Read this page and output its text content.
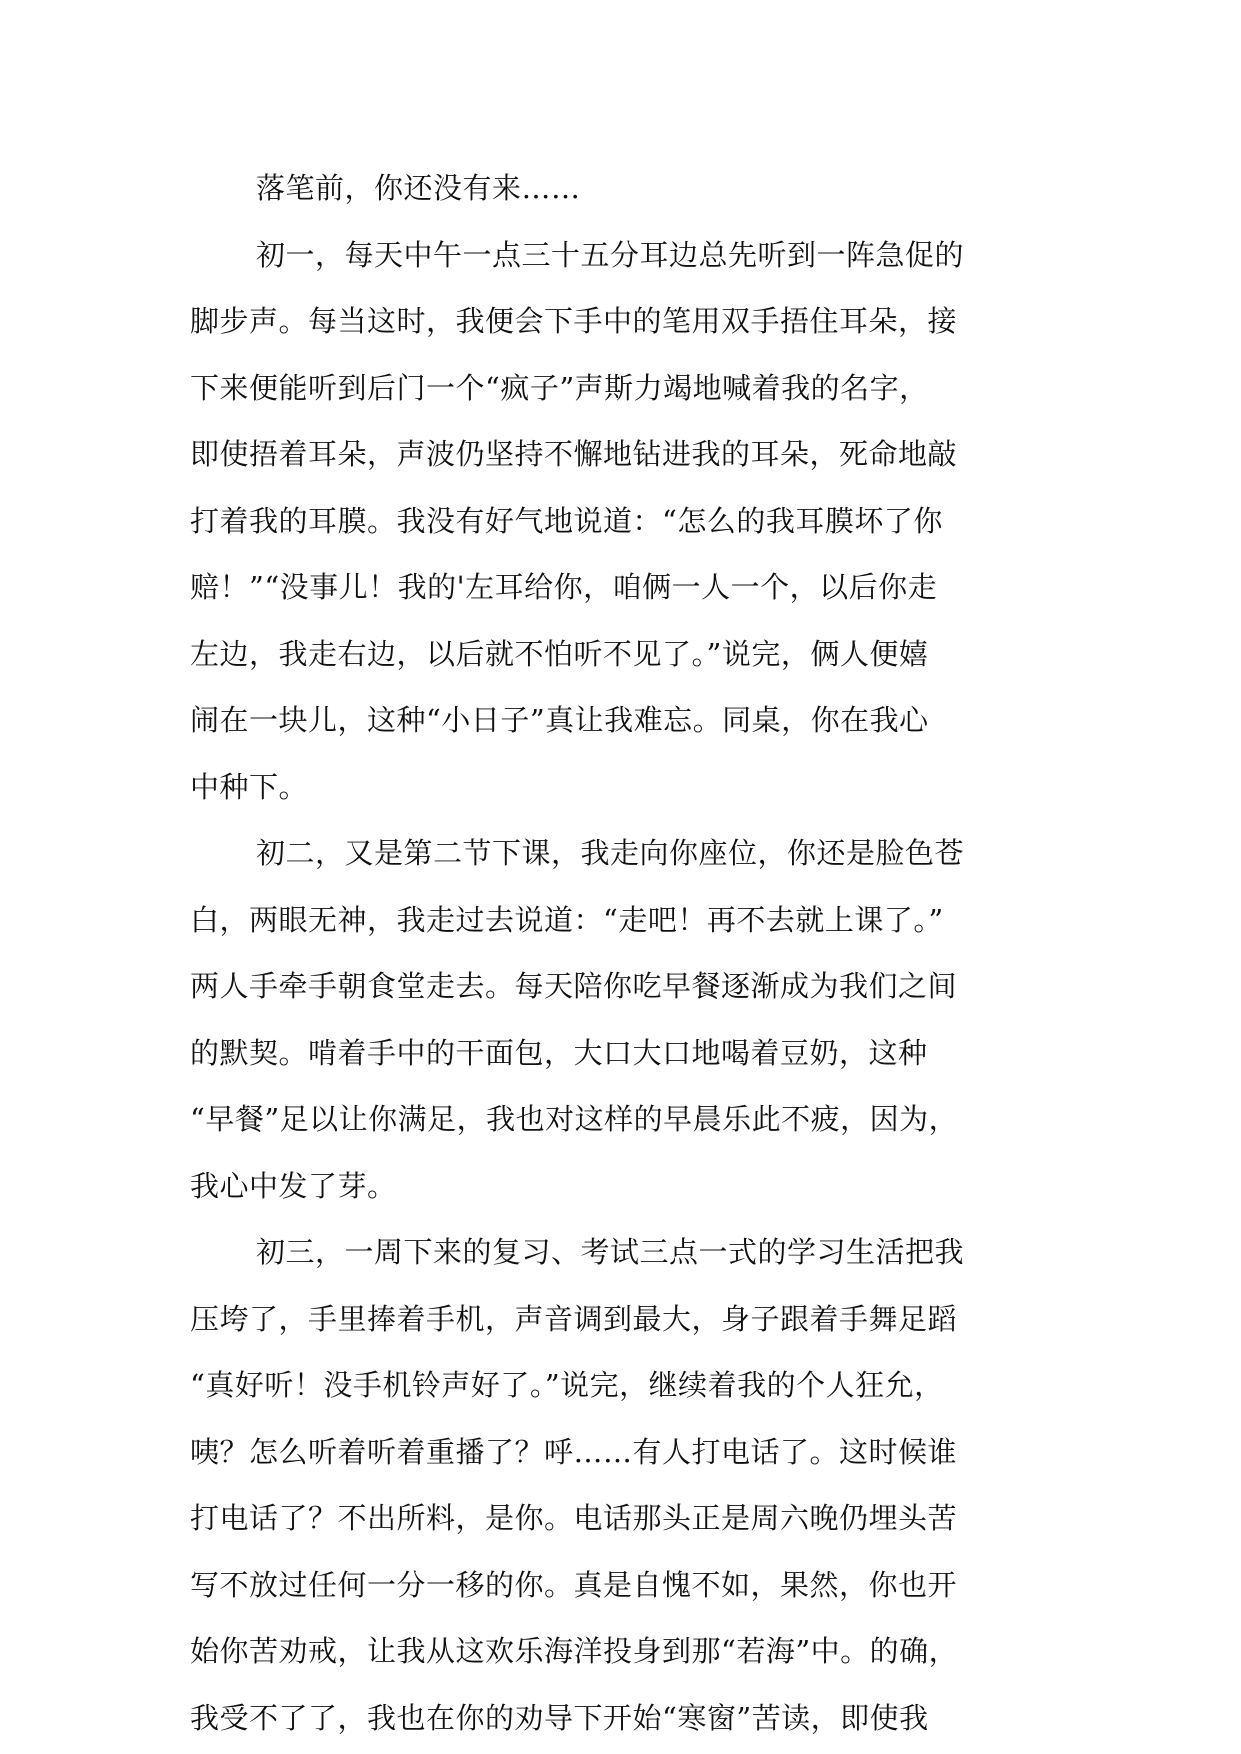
落笔前，你还没有来……
初一，每天中午一点三十五分耳边总先听到一阵急促的
脚步声。每当这时，我便会下手中的笔用双手捂住耳朵，接
下来便能听到后门一个“疯子”声斯力竭地喊着我的名字，
即使捂着耳朵，声波仍坚持不懈地钻进我的耳朵，死命地敲
打着我的耳膜。我没有好气地说道：“怎么的我耳膜坏了你
赔！”“没事儿！我的'左耳给你，咱俩一人一个，以后你走
左边，我走右边，以后就不怕听不见了。”说完，俩人便嬉
闹在一块儿，这种“小日子”真让我难忘。同桌，你在我心
中种下。
初二，又是第二节下课，我走向你座位，你还是脸色苍
白，两眼无神，我走过去说道：“走吧！再不去就上课了。”
两人手牵手朝食堂走去。每天陪你吃早餐逐渐成为我们之间
的默契。啃着手中的干面包，大口大口地喝着豆奶，这种
“早餐”足以让你满足，我也对这样的早晨乐此不疲，因为，
我心中发了芽。
初三，一周下来的复习、考试三点一式的学习生活把我
压垮了，手里捧着手机，声音调到最大，身子跟着手舞足蹈
“真好听！没手机铃声好了。”说完，继续着我的个人狂允，
咦？怎么听着听着重播了？呼……有人打电话了。这时候谁
打电话了？不出所料，是你。电话那头正是周六晚仍埋头苦
写不放过任何一分一移的你。真是自愧不如，果然，你也开
始你苦劝戒，让我从这欢乐海洋投身到那“若海”中。的确，
我受不了了，我也在你的劝导下开始“寒窗”苦读，即使我
